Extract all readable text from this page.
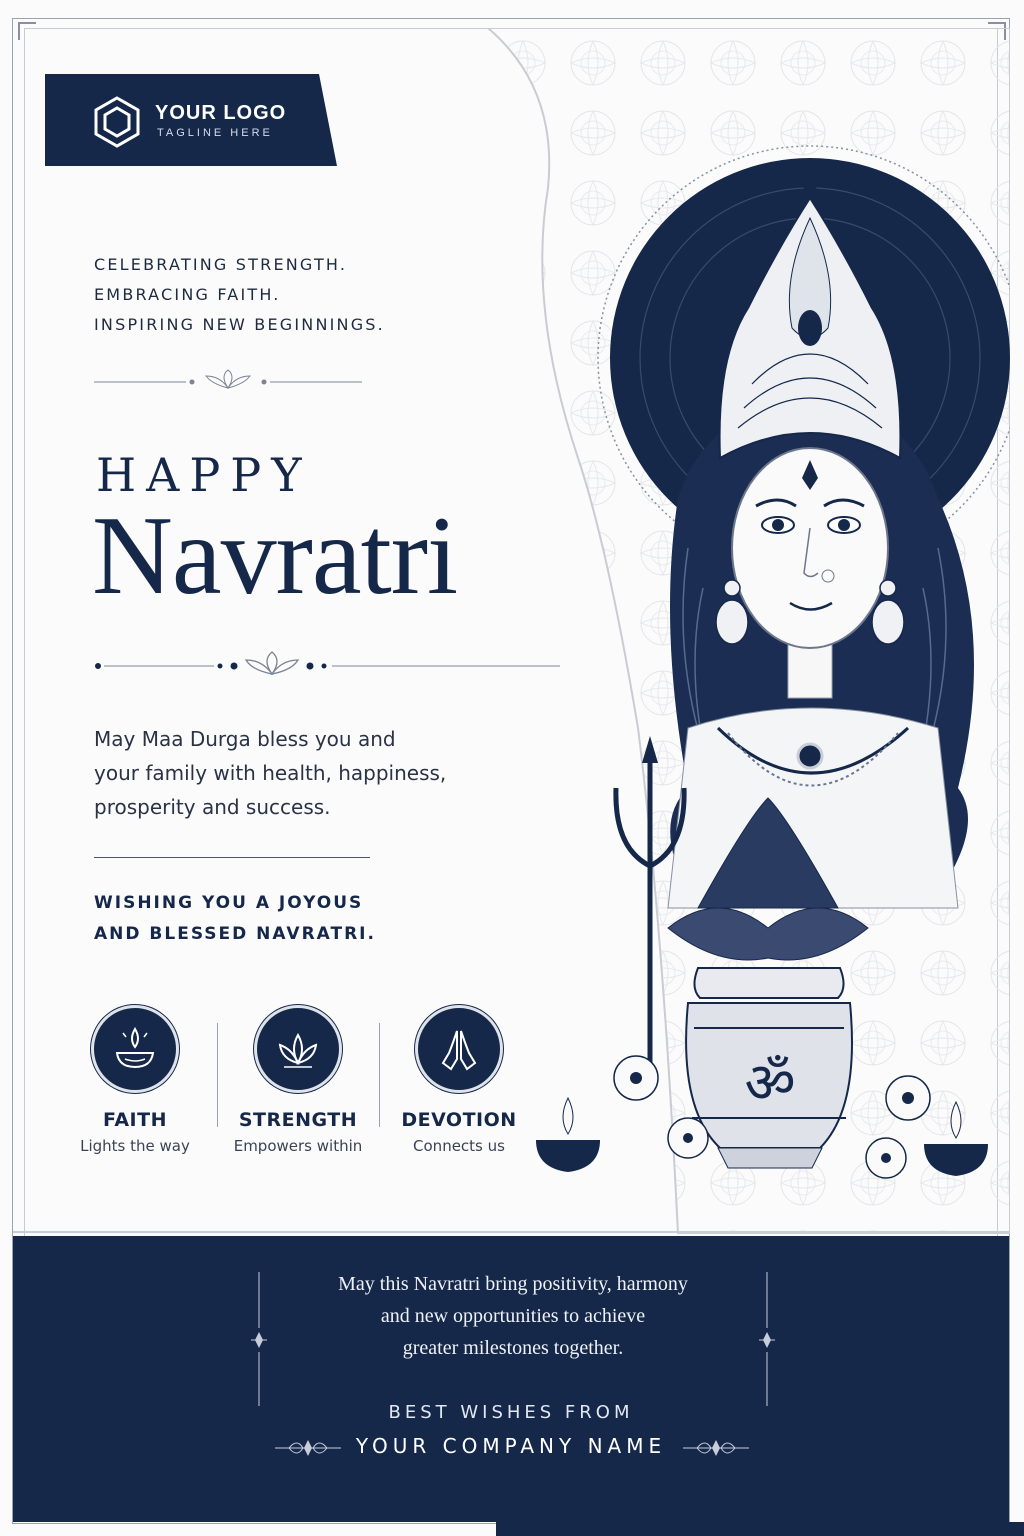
ॐ
YOUR LOGO
TAGLINE HERE
CELEBRATING STRENGTH.
EMBRACING FAITH.
INSPIRING NEW BEGINNINGS.
HAPPY
Navratri
May Maa Durga bless you and
your family with health, happiness,
prosperity and success.
WISHING YOU A JOYOUS
AND BLESSED NAVRATRI.
FAITH
Lights the way
STRENGTH
Empowers within
DEVOTION
Connects us
May this Navratri bring positivity, harmony
and new opportunities to achieve
greater milestones together.
BEST WISHES FROM
YOUR COMPANY NAME
